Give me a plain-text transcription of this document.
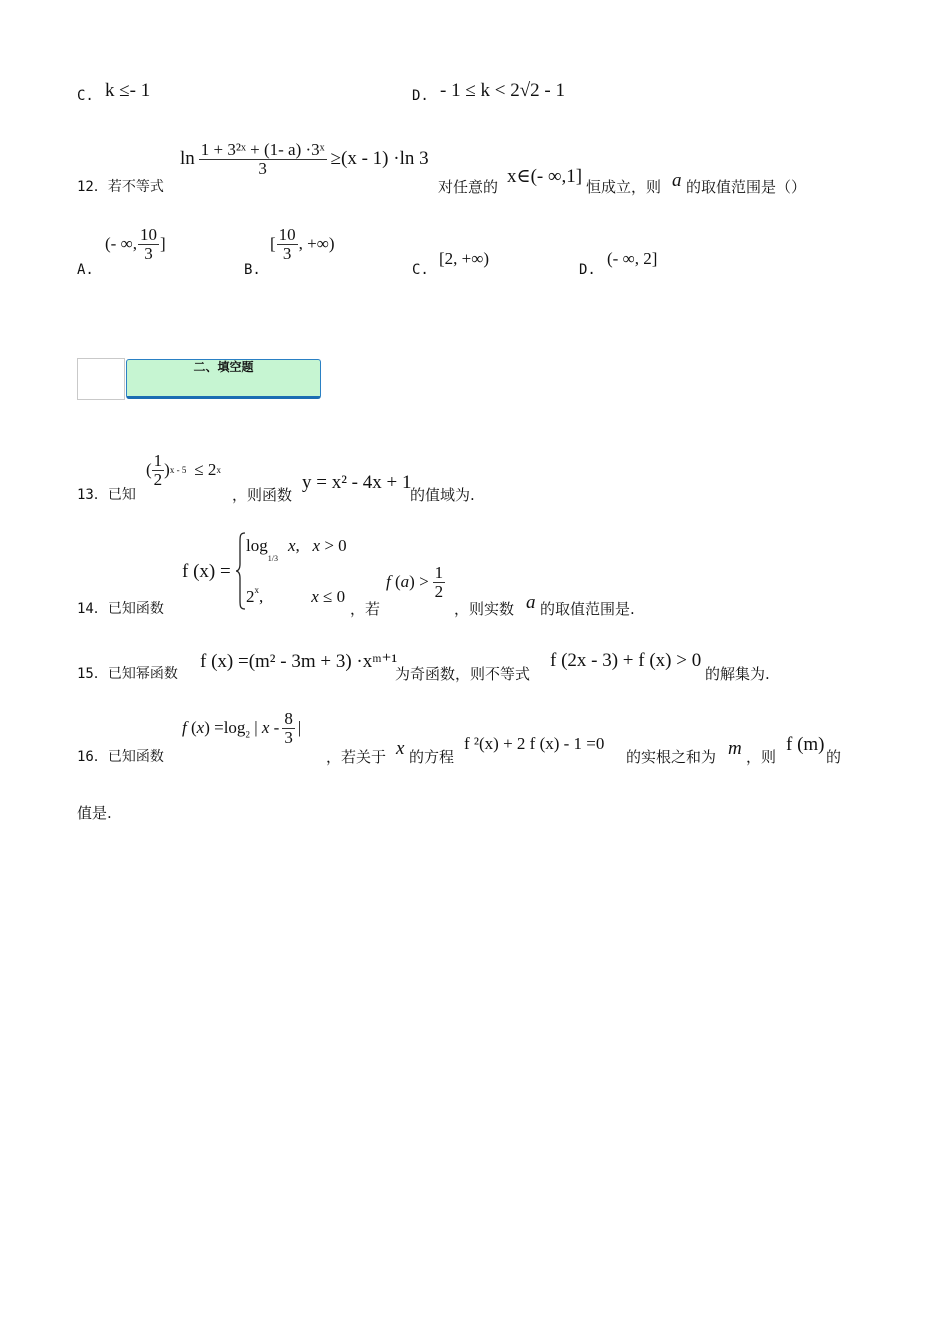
C. k ≤- 1	D. - 1 ≤ k < 2√2 - 1
12．若不等式
$\ln \frac{\text{1 + 3²ˣ + (1- a) ·3ˣ}}{3} \ge(x - 1) \cdot\ln$ 3
对任意的 x∈(- ∞,1] 恒成立，则 a 的取值范围是（）
A.
(- ∞, $\frac{10}{3}$ ]
B.
[ $\frac{10}{3}$ , +∞)
C.
[2, +∞)
D.
(- ∞, 2]
二、填空题
13．已知
( $\frac{1}{2}$ ) x - 5 ≤ 2 x
，则函数
y = x² - 4x + 1
的值域为.
14．已知函数
f (x) =
$\log_{1/3}x$,   x > 0
2$^x$,	x ≤ 0
，若
f $(a) > \frac{1}{2}$
，则实数 a 的取值范围是.
15．已知幂函数
f (x) =(m² - 3m + 3) ·xᵐ⁺¹
为奇函数，则不等式
f (2x - 3) + f (x) > 0
的解集为.
16．已知函数
f $(x) =\log_2$ | x - $\frac{8}{3}$ |
，若关于 x 的方程
f ²(x) + 2 f (x) - 1 =0
的实根之和为 m ，则
f (m)
的
值是.
